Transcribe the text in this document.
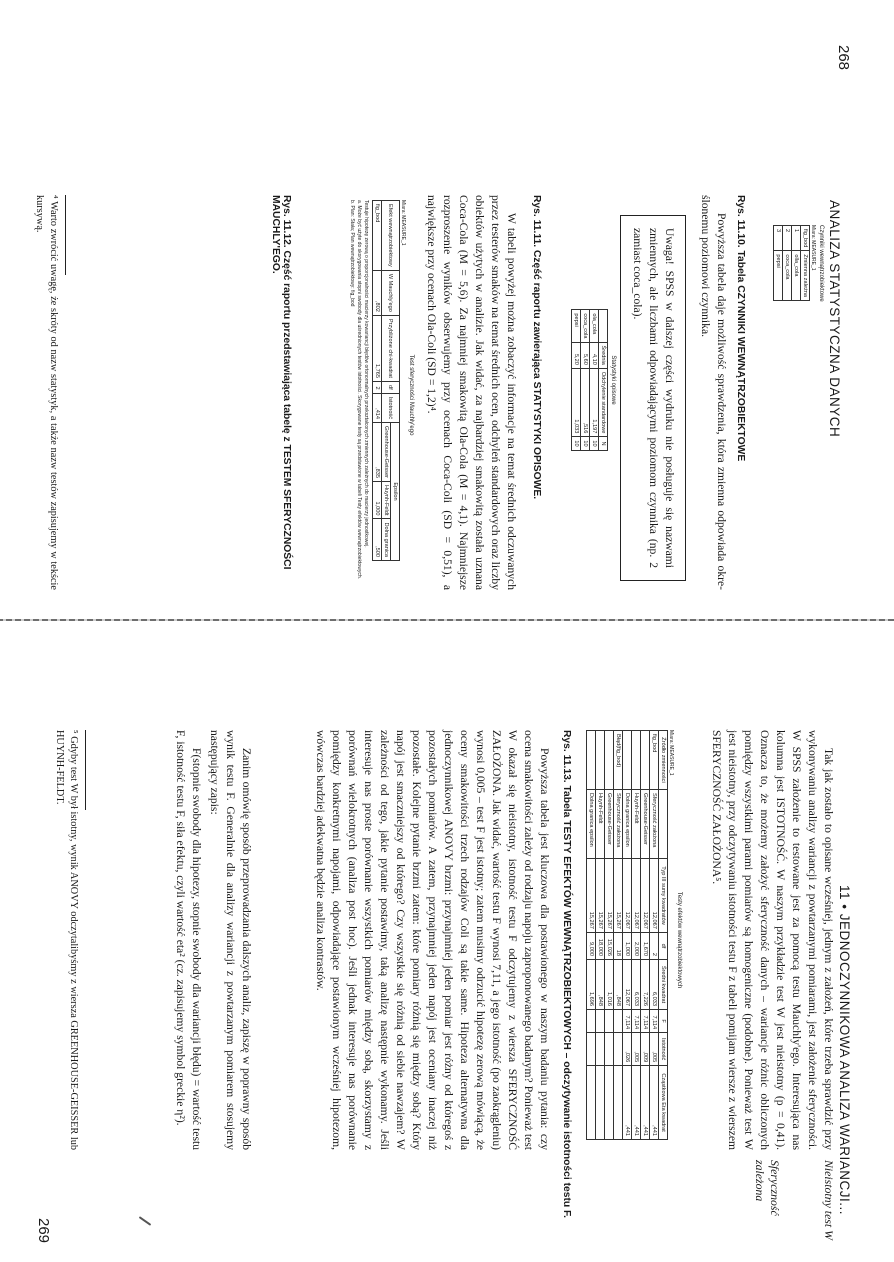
268
ANALIZA STATYSTYCZNA DANYCH
Czynniki wewnątrzobiektowe
Miara: MEASURE_1
fig_bod	Zmienna zależna
1	olla_cola
2	coca_cola
3	pepsi
Rys. 11.10. Tabela CZYNNIKI WEWNĄTRZOBIEKTOWE
Powyższa tabela daje możliwość sprawdzenia, która zmienna odpowiada okre-ślonemu poziomowi czynnika.
Uwaga! SPSS w dalszej części wydruku nie posługuje się nazwami zmiennych, ale liczbami odpowiadającymi poziomom czynnika (np. 2 zamiast coca_cola).
Statystyki opisowe
	Średnia	Odchylenie standardowe	N
ola_cola	4,10	1,197	10
coca_cola	5,60	,516	10
pepsi	5,20	1,033	10
Rys. 11.11. Część raportu zawierająca STATYSTYKI OPISOWE.
W tabeli powyżej można zobaczyć informacje na temat średnich odczuwanych przez testerów smaków na temat średnich ocen, odchyleń standardowych oraz liczby obiektów użytych w analizie. Jak widać, za najbardziej smakowitą została uznana Coca-Cola (M = 5,6). Za najmniej smakowitą Ola-Cola (M = 4,1). Najmniejsze rozproszenie wyników obserwujemy przy ocenach Coca-Coli (SD = 0,51), a największe przy ocenach Ola-Coli (SD = 1,2)⁴.
Test sferyczności Mauchly'ego
Miara: MEASURE_1
Efekt wewnątrzobiektowy	W Mauchly'ego	Przybliżone chi-kwadrat	df	Istotność	Epsilon		
					Greenhouse-Geisser	Huynh-Feldt	Dolna granica
fig_bod	,802	1,765	2	,414	,835	1,000	,500
Testuje hipotezę zerową o proporcjonalności macierzy kowariancji błędów ortonormalnych przekształconych zmiennych zależnych do macierzy jednostkowej.
a. Może być użyte do skorygowania stopni swobody dla uśrednionych testów istotności. Skorygowane testy są przedstawione w tabeli Testy efektów wewnątrzobiektowych.
b. Plan: Stała; Plan wewnątrzobiektowy: fig_bod
Rys. 11.12. Część raportu przedstawiająca tabelę z TESTEM SFERYCZNOŚCI MAUCHLY'EGO.
⁴ Warto zwrócić uwagę, że skróty od nazw statystyk, a także nazw testów zapisujemy w tekście kursywą.
269
11 • JEDNOCZYNNIKOWA ANALIZA WARIANCJI...
Nieistotny test W
Sferyczność zależona
Tak jak zostało to opisane wcześniej, jednym z założeń, które trzeba sprawdzić przy wykonywaniu analizy wariancji z powtarzanymi pomiarami, jest założenie sferyczności. W SPSS założenie to testowane jest za pomocą testu Mauchly'ego. Interesująca nas kolumna jest ISTOTNOŚĆ. W naszym przykładzie test W jest nieistotny (p = 0,41). Oznacza to, że możemy założyć sferyczność danych – wariancje różnic obliczonych pomiędzy wszystkimi parami pomiarów są homogeniczne (podobne). Ponieważ test W jest nieistotny, przy odczytywaniu istotności testu F z tabeli pomijam wiersze z wierszem SFERYCZNOŚĆ ZAŁOŻONA⁵.
Testy efektów wewnątrzobiektowych
Miara: MEASURE_1
Źródło zmienności		Typ III sumy kwadratów	df	Średni kwadrat	F	Istotność	Cząstkowa Eta kwadrat
fig_bod	Sferyczność założona	12,067	2	6,033	7,114	,005	,441
	Greenhouse-Geisser	12,067	1,670	7,226	7,114	,009	,441
	Huynh-Feldt	12,067	2,000	6,033	7,114	,005	,441
	Dolna granica epsilon	12,067	1,000	12,067	7,114	,026	,441
Błąd(fig_bod)	Sferyczność założona	15,267	18	,848			
	Greenhouse-Geisser	15,267	15,026	1,016			
	Huynh-Feldt	15,267	18,000	,848			
	Dolna granica epsilon	15,267	9,000	1,696			
Rys. 11.13. Tabela TESTY EFEKTÓW WEWNĄTRZOBIEKTOWYCH – odczytywanie istotności testu F.
Powyższa tabela jest kluczowa dla postawionego w naszym badaniu pytania: czy ocena smakowitości zależy od rodzaju napoju zaproponowanego badanym? Ponieważ test W okazał się nieistotny, istotność testu F odczytujemy z wiersza SFERYCZNOŚĆ ZAŁOŻONA. Jak widać, wartość testu F wynosi 7,11, a jego istotność (po zaokrągleniu) wynosi 0,005 – test F jest istotny; zatem musimy odrzucić hipotezę zerową mówiącą, że oceny smakowitości trzech rodzajów Coli są takie same. Hipoteza alternatywna dla jednoczynnikowej ANOVY brzmi: przynajmniej jeden pomiar jest różny od któregoś z pozostałych pomiarów. A zatem, przynajmniej jeden napój jest oceniany inaczej niż pozostałe. Kolejne pytanie brzmi zatem: które pomiary różnią się między sobą? Który napój jest smaczniejszy od którego? Czy wszystkie się różnią od siebie nawzajem? W zależności od tego, jakie pytanie postawimy, taką analizę następnie wykonamy. Jeśli interesuje nas proste porównanie wszystkich pomiarów między sobą, skorzystamy z porównań wielokrotnych (analiza post hoc). Jeśli jednak interesuje nas porównanie pomiędzy konkretnymi napojami, odpowiadające postawionym wcześniej hipotezom, wówczas bardziej adekwatna będzie analiza kontrastów.
Zanim omówię sposób przeprowadzania dalszych analiz, zapiszę w poprawny sposób wynik testu F. Generalnie dla analizy wariancji z powtarzanym pomiarem stosujemy następujący zapis:
F(stopnie swobody dla hipotezy, stopnie swobody dla wariancji błędu) = wartość testu F, istotność testu F, siła efektu, czyli wartość eta² (cz. zapisujemy symbol greckie η²).
⁵ Gdyby test W był istotny, wynik ANOVY odczytalibyśmy z wiersza GREENHOUSE-GEISSER lub HUYNH-FELDT.
